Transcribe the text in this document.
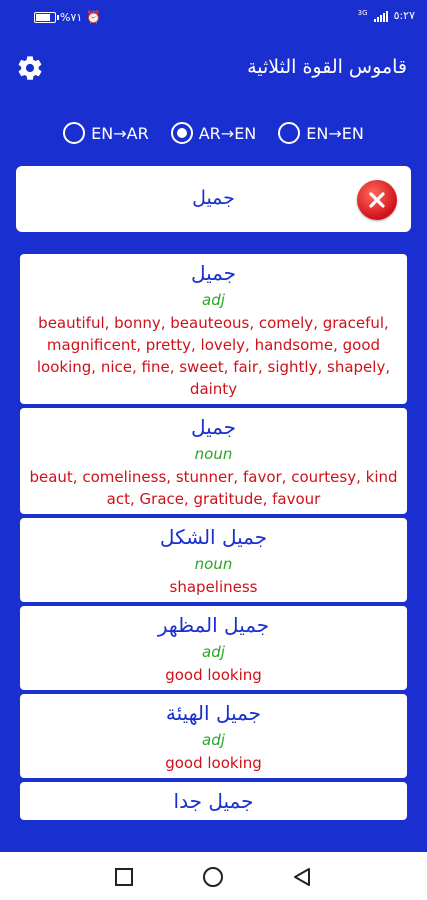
%۷۱ ⏰	3G ٥:٢٧
قاموس القوة الثلاثية
EN→AR	AR→EN	EN→EN
جميل
جميل
adj
beautiful, bonny, beauteous, comely, graceful, magnificent, pretty, lovely, handsome, good looking, nice, fine, sweet, fair, sightly, shapely, dainty
جميل
noun
beaut, comeliness, stunner, favor, courtesy, kind act, Grace, gratitude, favour
جميل الشكل
noun
shapeliness
جميل المظهر
adj
good looking
جميل الهيئة
adj
good looking
جميل جدا
